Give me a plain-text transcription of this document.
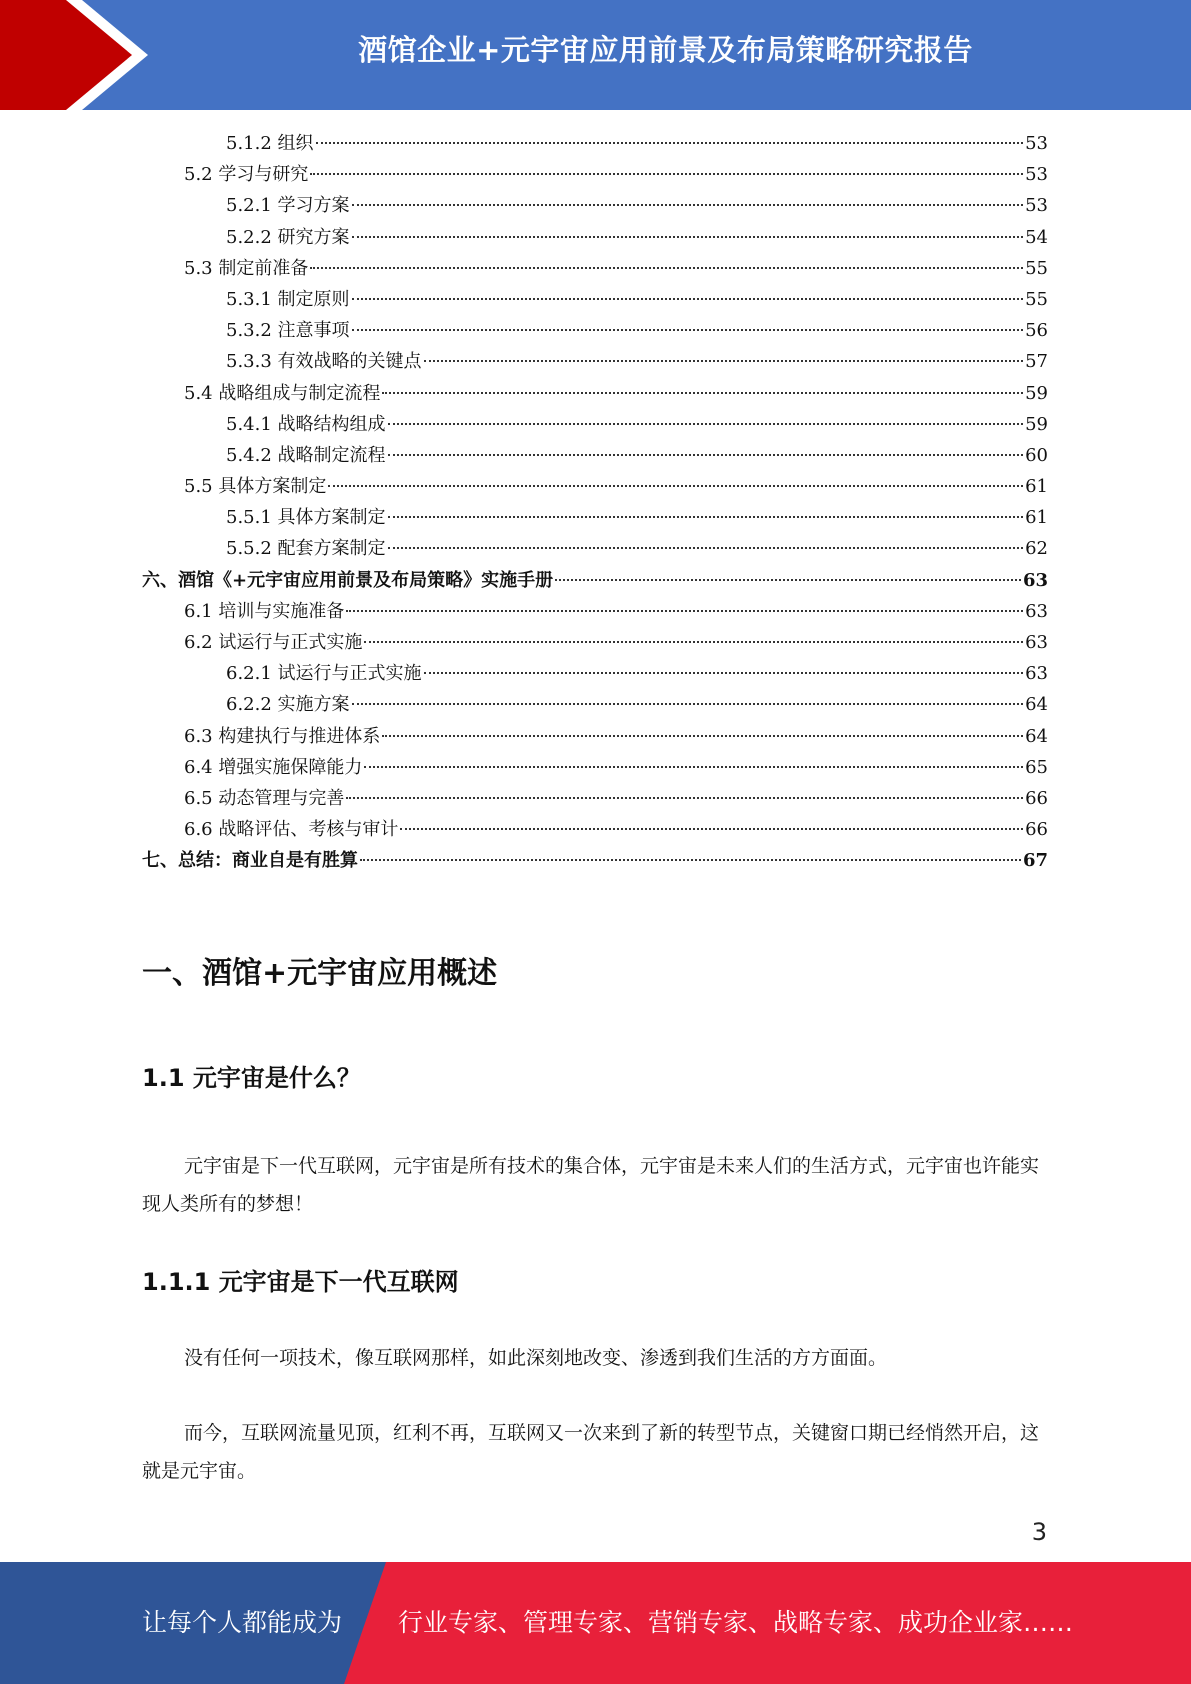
酒馆企业+元宇宙应用前景及布局策略研究报告
5.1.2 组织	53
5.2 学习与研究	53
5.2.1 学习方案	53
5.2.2 研究方案	54
5.3 制定前准备	55
5.3.1 制定原则	55
5.3.2 注意事项	56
5.3.3 有效战略的关键点	57
5.4 战略组成与制定流程	59
5.4.1 战略结构组成	59
5.4.2 战略制定流程	60
5.5 具体方案制定	61
5.5.1 具体方案制定	61
5.5.2 配套方案制定	62
六、酒馆《+元宇宙应用前景及布局策略》实施手册	63
6.1 培训与实施准备	63
6.2 试运行与正式实施	63
6.2.1 试运行与正式实施	63
6.2.2 实施方案	64
6.3 构建执行与推进体系	64
6.4 增强实施保障能力	65
6.5 动态管理与完善	66
6.6 战略评估、考核与审计	66
七、总结：商业自是有胜算	67
一、酒馆+元宇宙应用概述
1.1 元宇宙是什么？

元宇宙是下一代互联网，元宇宙是所有技术的集合体，元宇宙是未来人们的生活方式，元宇宙也许能实现人类所有的梦想！

1.1.1 元宇宙是下一代互联网

没有任何一项技术，像互联网那样，如此深刻地改变、渗透到我们生活的方方面面。

而今，互联网流量见顶，红利不再，互联网又一次来到了新的转型节点，关键窗口期已经悄然开启，这就是元宇宙。

3
让每个人都能成为 行业专家、管理专家、营销专家、战略专家、成功企业家……
